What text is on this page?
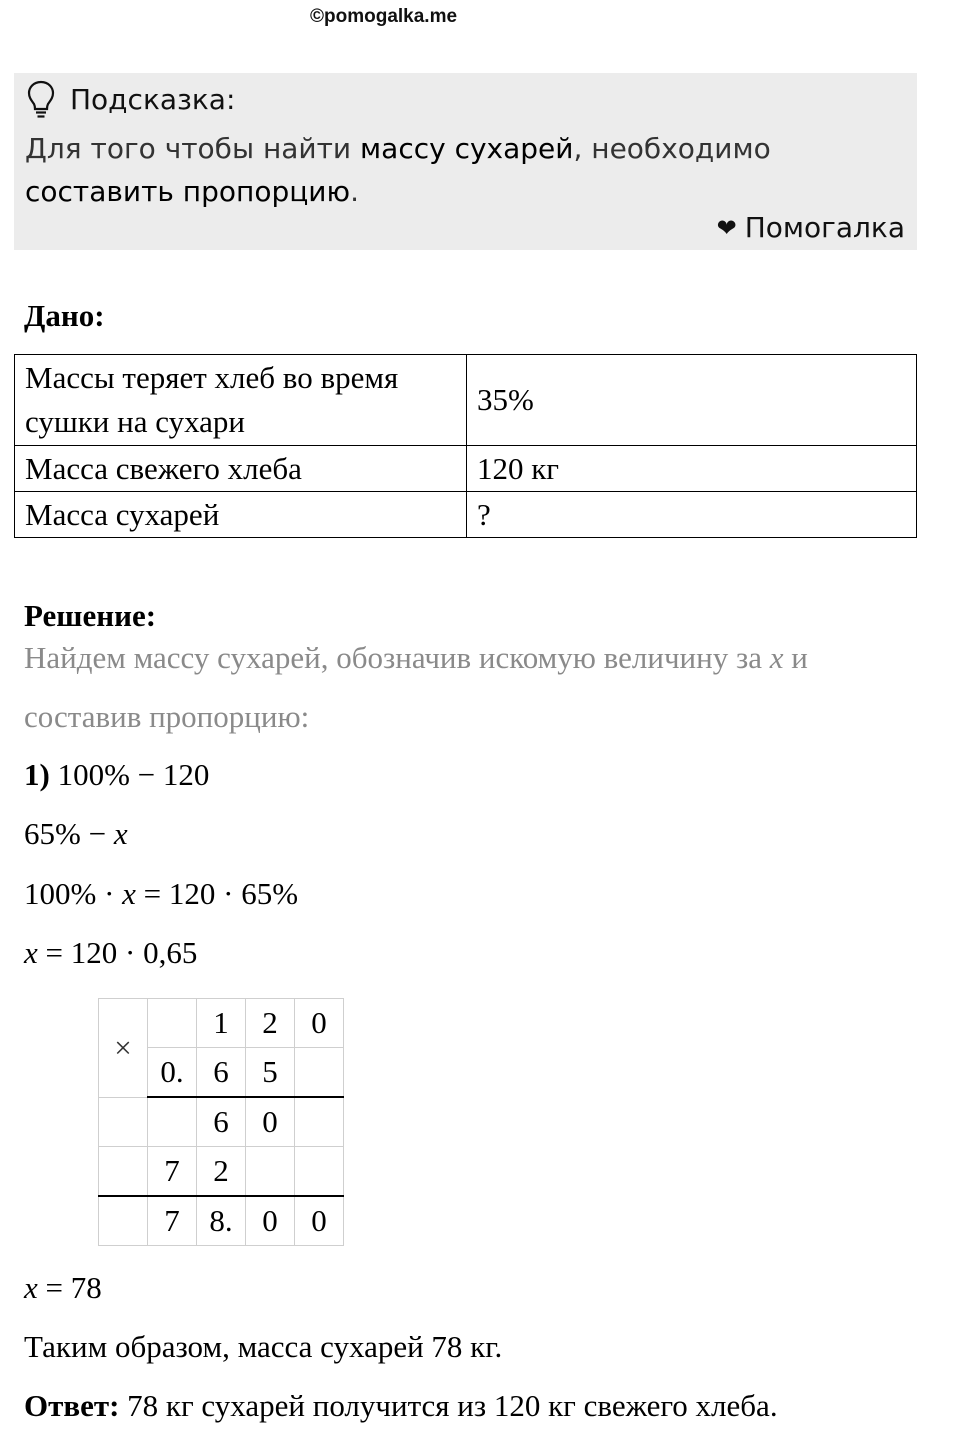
©pomogalka.me
Подсказка:
Для того чтобы найти массу сухарей, необходимо составить пропорцию.
❤ Помогалка
Дано:
Массы теряет хлеб во время сушки на сухари	35%
Масса свежего хлеба	120 кг
Масса сухарей	?
Решение:
Найдем массу сухарей, обозначив искомую величину за x и
составив пропорцию:
1) 100% − 120
65% − x
100% · x = 120 · 65%
x = 120 · 0,65
×		1	2	0
	0.	6	5	
		6	0	
	7	2		
	7	8.	0	0
x = 78
Таким образом, масса сухарей 78 кг.
Ответ: 78 кг сухарей получится из 120 кг свежего хлеба.
